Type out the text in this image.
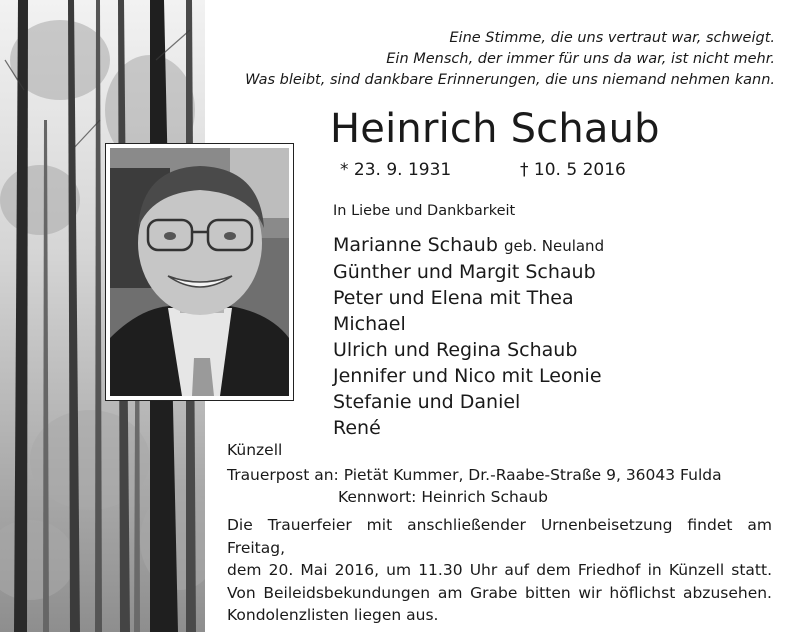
Eine Stimme, die uns vertraut war, schweigt.
Ein Mensch, der immer für uns da war, ist nicht mehr.
Was bleibt, sind dankbare Erinnerungen, die uns niemand nehmen kann.
Heinrich Schaub
* 23. 9. 1931	† 10. 5 2016
In Liebe und Dankbarkeit
Marianne Schaub geb. Neuland
Günther und Margit Schaub
Peter und Elena mit Thea
Michael
Ulrich und Regina Schaub
Jennifer und Nico mit Leonie
Stefanie und Daniel
René
Künzell
Trauerpost an: Pietät Kummer, Dr.-Raabe-Straße 9, 36043 Fulda
Kennwort: Heinrich Schaub
Die Trauerfeier mit anschließender Urnenbeisetzung findet am Freitag,
dem 20. Mai 2016, um 11.30 Uhr auf dem Friedhof in Künzell statt.
Von Beileidsbekundungen am Grabe bitten wir höflichst abzusehen.
Kondolenzlisten liegen aus.
